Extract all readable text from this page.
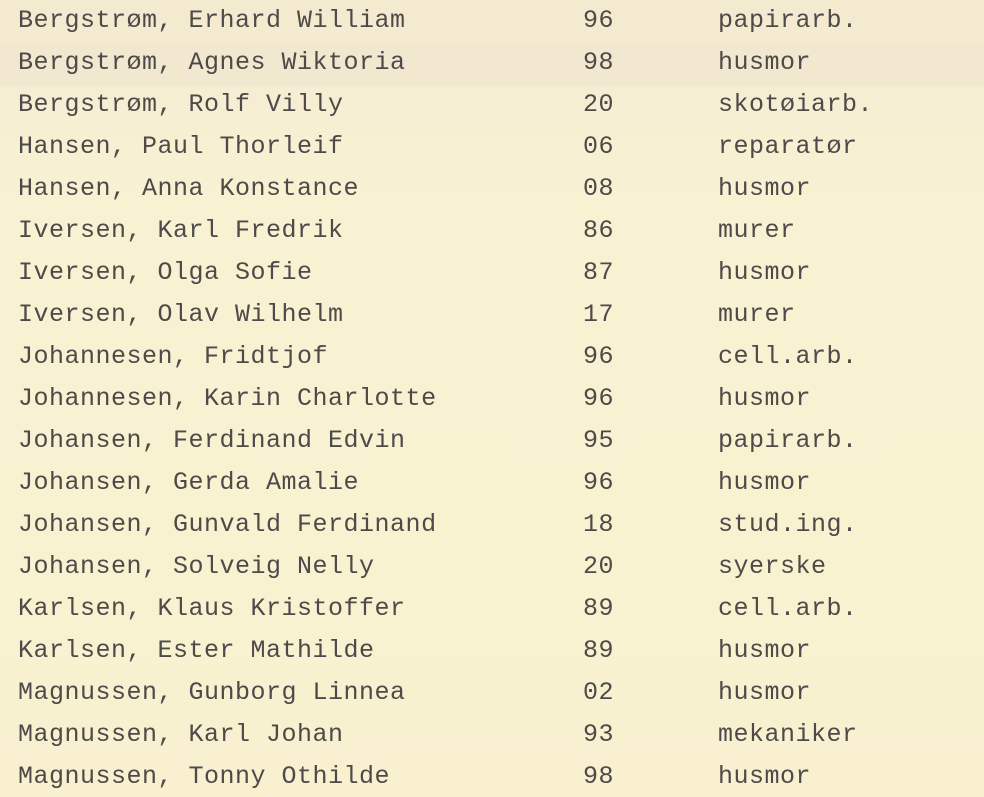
Bergstrøm, Erhard William	96	papirarb.
Bergstrøm, Agnes Wiktoria	98	husmor
Bergstrøm, Rolf Villy	20	skotøiarb.
Hansen, Paul Thorleif	06	reparatør
Hansen, Anna Konstance	08	husmor
Iversen, Karl Fredrik	86	murer
Iversen, Olga Sofie	87	husmor
Iversen, Olav Wilhelm	17	murer
Johannesen, Fridtjof	96	cell.arb.
Johannesen, Karin Charlotte	96	husmor
Johansen, Ferdinand Edvin	95	papirarb.
Johansen, Gerda Amalie	96	husmor
Johansen, Gunvald Ferdinand	18	stud.ing.
Johansen, Solveig Nelly	20	syerske
Karlsen, Klaus Kristoffer	89	cell.arb.
Karlsen, Ester Mathilde	89	husmor
Magnussen, Gunborg Linnea	02	husmor
Magnussen, Karl Johan	93	mekaniker
Magnussen, Tonny Othilde	98	husmor
